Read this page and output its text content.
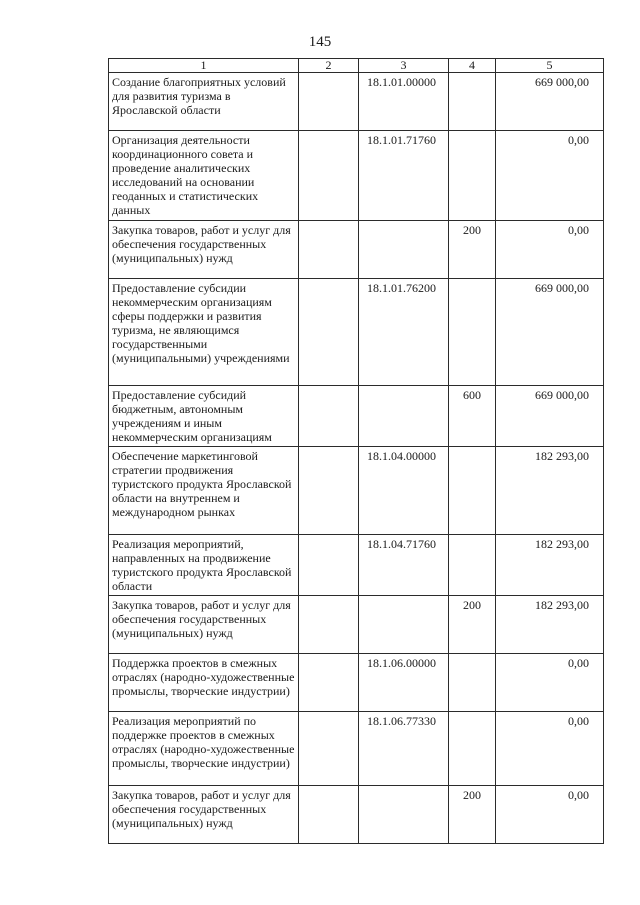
145
1	2	3	4	5
Создание благоприятных условий для развития туризма в Ярославской области		18.1.01.00000		669 000,00
Организация деятельности координационного совета и проведение аналитических исследований на основании геоданных и статистических данных		18.1.01.71760		0,00
Закупка товаров, работ и услуг для обеспечения государственных (муниципальных) нужд			200	0,00
Предоставление субсидии некоммерческим организациям сферы поддержки и развития туризма, не являющимся государственными (муниципальными) учреждениями		18.1.01.76200		669 000,00
Предоставление субсидий бюджетным, автономным учреждениям и иным некоммерческим организациям			600	669 000,00
Обеспечение маркетинговой стратегии продвижения туристского продукта Ярославской области на внутреннем и международном рынках		18.1.04.00000		182 293,00
Реализация мероприятий, направленных на продвижение туристского продукта Ярославской области		18.1.04.71760		182 293,00
Закупка товаров, работ и услуг для обеспечения государственных (муниципальных) нужд			200	182 293,00
Поддержка проектов в смежных отраслях (народно-художественные промыслы, творческие индустрии)		18.1.06.00000		0,00
Реализация мероприятий по поддержке проектов в смежных отраслях (народно-художественные промыслы, творческие индустрии)		18.1.06.77330		0,00
Закупка товаров, работ и услуг для обеспечения государственных (муниципальных) нужд			200	0,00
